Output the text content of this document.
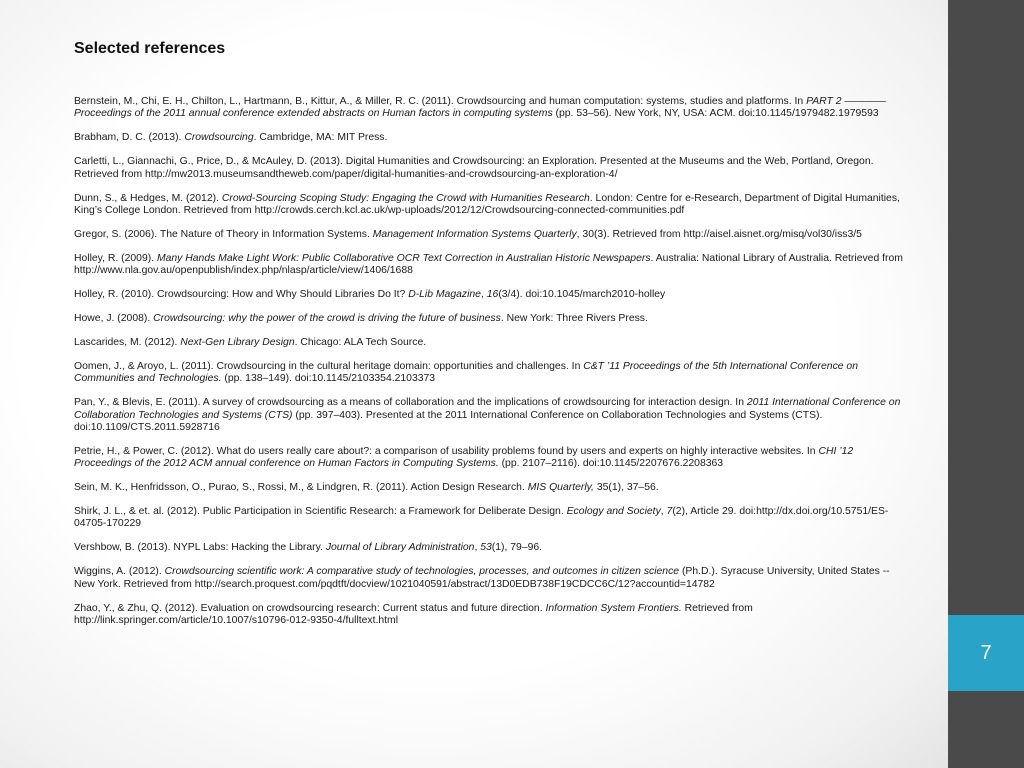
Selected references
Bernstein, M., Chi, E. H., Chilton, L., Hartmann, B., Kittur, A., & Miller, R. C. (2011). Crowdsourcing and human computation: systems, studies and platforms. In PART 2 ———— Proceedings of the 2011 annual conference extended abstracts on Human factors in computing systems (pp. 53–56). New York, NY, USA: ACM. doi:10.1145/1979482.1979593
Brabham, D. C. (2013). Crowdsourcing. Cambridge, MA: MIT Press.
Carletti, L., Giannachi, G., Price, D., & McAuley, D. (2013). Digital Humanities and Crowdsourcing: an Exploration. Presented at the Museums and the Web, Portland, Oregon. Retrieved from http://mw2013.museumsandtheweb.com/paper/digital-humanities-and-crowdsourcing-an-exploration-4/
Dunn, S., & Hedges, M. (2012). Crowd-Sourcing Scoping Study: Engaging the Crowd with Humanities Research. London: Centre for e-Research, Department of Digital Humanities, King’s College London. Retrieved from http://crowds.cerch.kcl.ac.uk/wp-uploads/2012/12/Crowdsourcing-connected-communities.pdf
Gregor, S. (2006). The Nature of Theory in Information Systems. Management Information Systems Quarterly, 30(3). Retrieved from http://aisel.aisnet.org/misq/vol30/iss3/5
Holley, R. (2009). Many Hands Make Light Work: Public Collaborative OCR Text Correction in Australian Historic Newspapers. Australia: National Library of Australia. Retrieved from http://www.nla.gov.au/openpublish/index.php/nlasp/article/view/1406/1688
Holley, R. (2010). Crowdsourcing: How and Why Should Libraries Do It? D-Lib Magazine, 16(3/4). doi:10.1045/march2010-holley
Howe, J. (2008). Crowdsourcing: why the power of the crowd is driving the future of business. New York: Three Rivers Press.
Lascarides, M. (2012). Next-Gen Library Design. Chicago: ALA Tech Source.
Oomen, J., & Aroyo, L. (2011). Crowdsourcing in the cultural heritage domain: opportunities and challenges. In C&T ’11 Proceedings of the 5th International Conference on Communities and Technologies. (pp. 138–149). doi:10.1145/2103354.2103373
Pan, Y., & Blevis, E. (2011). A survey of crowdsourcing as a means of collaboration and the implications of crowdsourcing for interaction design. In 2011 International Conference on Collaboration Technologies and Systems (CTS) (pp. 397–403). Presented at the 2011 International Conference on Collaboration Technologies and Systems (CTS). doi:10.1109/CTS.2011.5928716
Petrie, H., & Power, C. (2012). What do users really care about?: a comparison of usability problems found by users and experts on highly interactive websites. In CHI ’12 Proceedings of the 2012 ACM annual conference on Human Factors in Computing Systems. (pp. 2107–2116). doi:10.1145/2207676.2208363
Sein, M. K., Henfridsson, O., Purao, S., Rossi, M., & Lindgren, R. (2011). Action Design Research. MIS Quarterly, 35(1), 37–56.
Shirk, J. L., & et. al. (2012). Public Participation in Scientific Research: a Framework for Deliberate Design. Ecology and Society, 7(2), Article 29. doi:http://dx.doi.org/10.5751/ES-04705-170229
Vershbow, B. (2013). NYPL Labs: Hacking the Library. Journal of Library Administration, 53(1), 79–96.
Wiggins, A. (2012). Crowdsourcing scientific work: A comparative study of technologies, processes, and outcomes in citizen science (Ph.D.). Syracuse University, United States -- New York. Retrieved from http://search.proquest.com/pqdtft/docview/1021040591/abstract/13D0EDB738F19CDCC6C/12?accountid=14782
Zhao, Y., & Zhu, Q. (2012). Evaluation on crowdsourcing research: Current status and future direction. Information System Frontiers. Retrieved from http://link.springer.com/article/10.1007/s10796-012-9350-4/fulltext.html
7
